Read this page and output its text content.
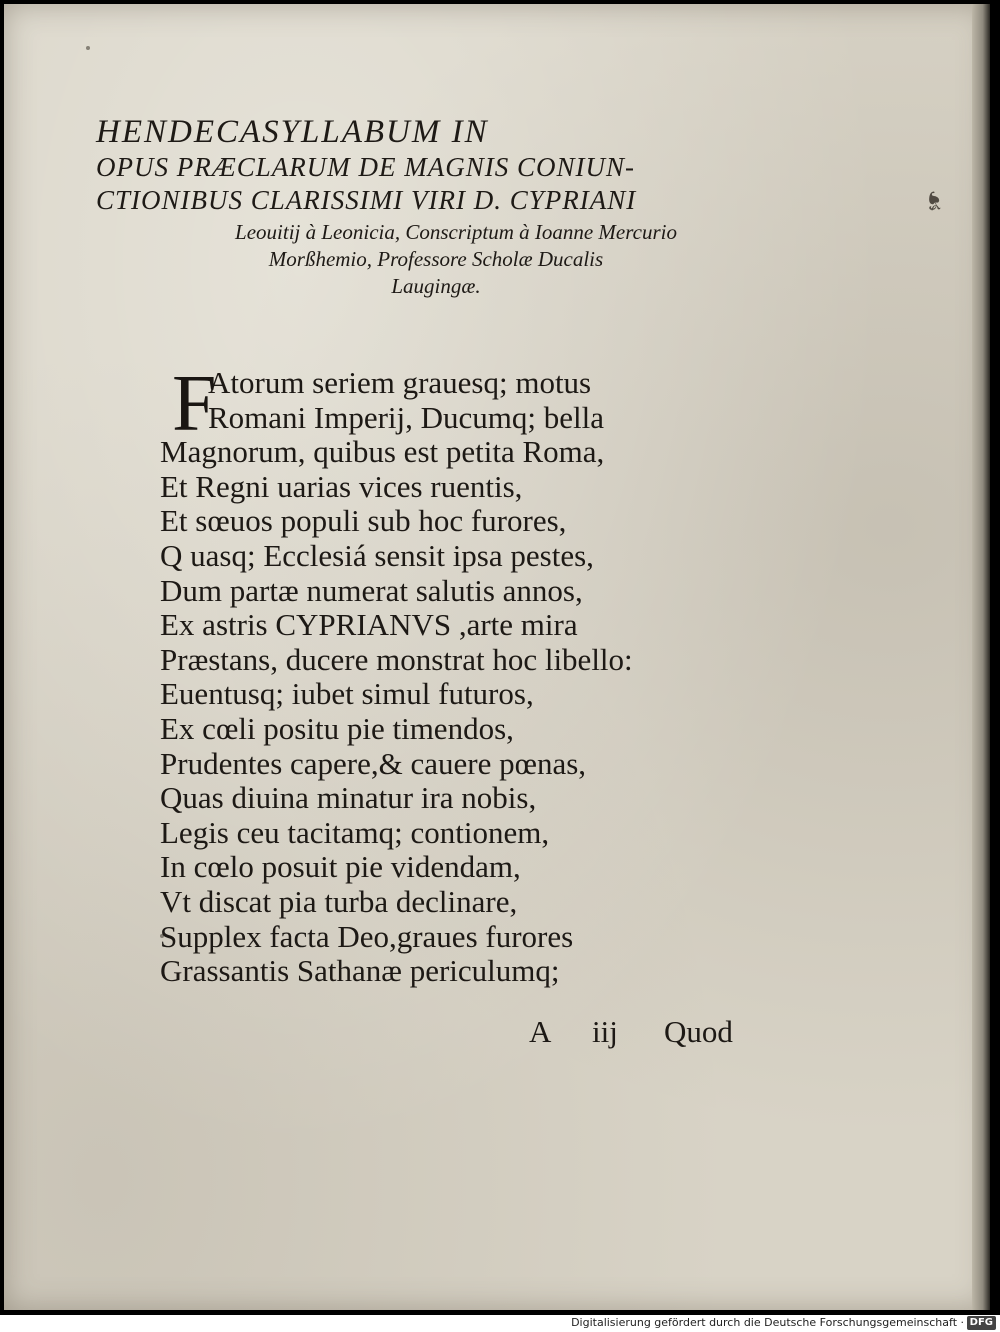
☙
HENDECASYLLABUM IN
OPUS PRÆCLARUM DE MAGNIS CONIUN-
CTIONIBUS CLARISSIMI VIRI D. CYPRIANI
Leouitij à Leonicia, Conscriptum à Ioanne Mercurio
Morßhemio, Professore Scholæ Ducalis
Laugingæ.
F
Atorum seriem grauesq; motus
Romani Imperij, Ducumq; bella
Magnorum, quibus est petita Roma,
Et Regni uarias vices ruentis,
Et sœuos populi sub hoc furores,
Q uasq; Ecclesiá sensit ipsa pestes,
Dum partæ numerat salutis annos,
Ex astris CYPRIANVS ,arte mira
Præstans, ducere monstrat hoc libello:
Euentusq; iubet simul futuros,
Ex cœli positu pie timendos,
Prudentes capere,& cauere pœnas,
Quas diuina minatur ira nobis,
Legis ceu tacitamq; contionem,
In cœlo posuit pie videndam,
Vt discat pia turba declinare,
Supplex facta Deo,graues furores
Grassantis Sathanæ periculumq;
A iij Quod
Digitalisierung gefördert durch die Deutsche Forschungsgemeinschaft · DFG
